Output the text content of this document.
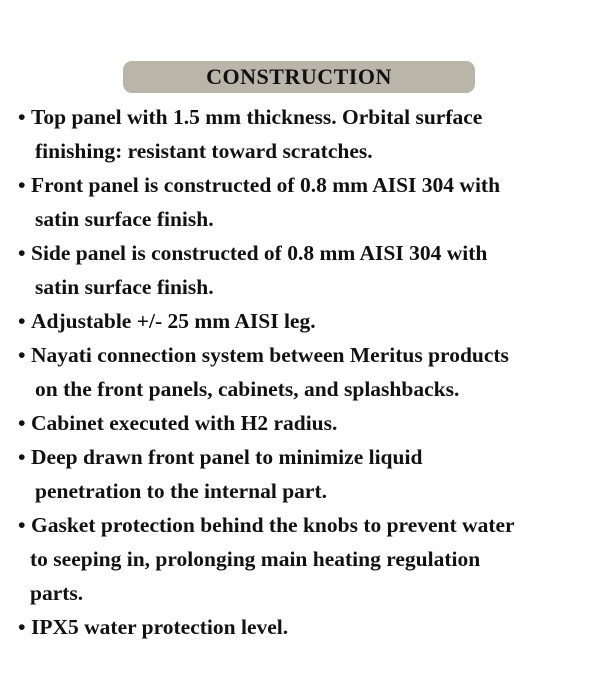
CONSTRUCTION
• Top panel with 1.5 mm thickness. Orbital surface
finishing: resistant toward scratches.
• Front panel is constructed of 0.8 mm AISI 304 with
satin surface finish.
• Side panel is constructed of 0.8 mm AISI 304 with
satin surface finish.
• Adjustable +/- 25 mm AISI leg.
• Nayati connection system between Meritus products
on the front panels, cabinets, and splashbacks.
• Cabinet executed with H2 radius.
• Deep drawn front panel to minimize liquid
penetration to the internal part.
• Gasket protection behind the knobs to prevent water
to seeping in, prolonging main heating regulation
parts.
• IPX5 water protection level.
